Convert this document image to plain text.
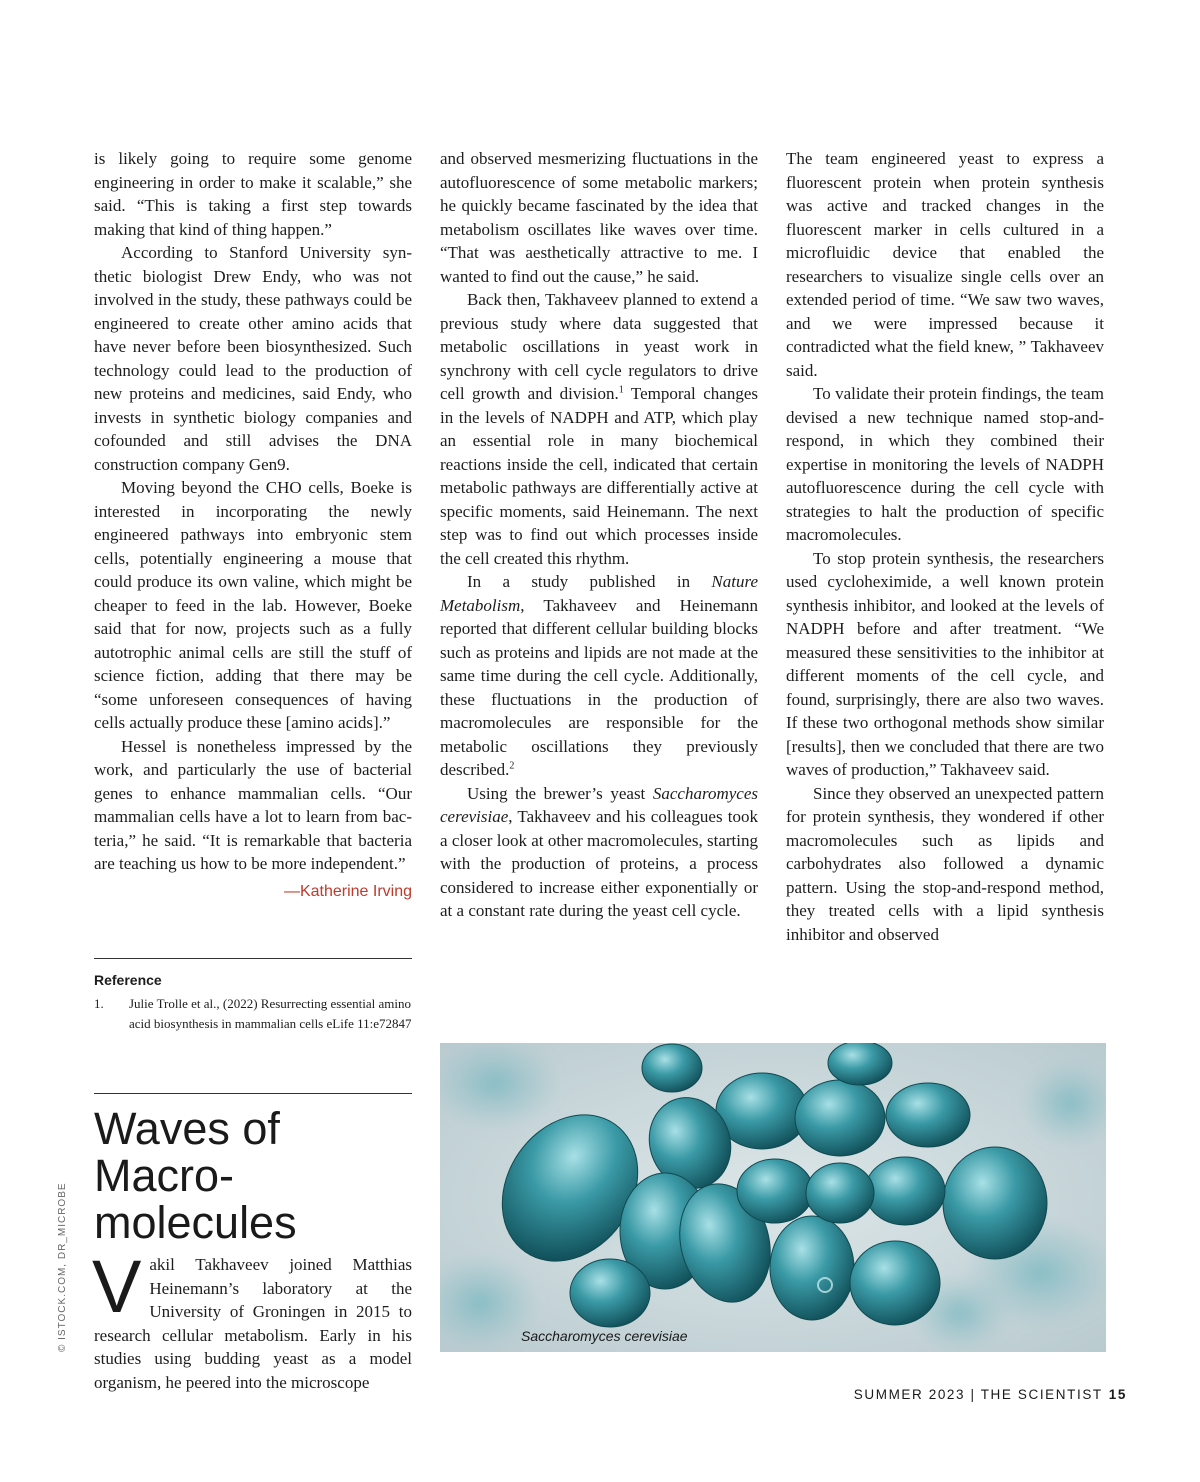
is likely going to require some genome engineering in order to make it scalable,” she said. “This is taking a first step towards making that kind of thing happen.”

According to Stanford University synthetic biologist Drew Endy, who was not involved in the study, these pathways could be engineered to create other amino acids that have never before been biosynthesized. Such technology could lead to the production of new proteins and medicines, said Endy, who invests in synthetic biology companies and cofounded and still advises the DNA construction company Gen9.

Moving beyond the CHO cells, Boeke is interested in incorporating the newly engineered pathways into embryonic stem cells, potentially engineering a mouse that could produce its own valine, which might be cheaper to feed in the lab. However, Boeke said that for now, projects such as a fully autotrophic animal cells are still the stuff of science fiction, adding that there may be “some unforeseen consequences of having cells actually produce these [amino acids].”

Hessel is nonetheless impressed by the work, and particularly the use of bacterial genes to enhance mammalian cells. “Our mammalian cells have a lot to learn from bacteria,” he said. “It is remarkable that bacteria are teaching us how to be more independent.”

—Katherine Irving

Reference
1. Julie Trolle et al., (2022) Resurrecting essential amino acid biosynthesis in mammalian cells eLife 11:e72847
Waves of
Macro-
molecules
Vakil Takhaveev joined Matthias Heinemann’s laboratory at the University of Groningen in 2015 to research cellular metabolism. Early in his studies using budding yeast as a model organism, he peered into the microscope
© ISTOCK.COM, DR_MICROBE

and observed mesmerizing fluctuations in the autofluorescence of some metabolic markers; he quickly became fascinated by the idea that metabolism oscillates like waves over time. “That was aesthetically attractive to me. I wanted to find out the cause,” he said.

Back then, Takhaveev planned to extend a previous study where data suggested that metabolic oscillations in yeast work in synchrony with cell cycle regulators to drive cell growth and division.$^1$ Temporal changes in the levels of NADPH and ATP, which play an essential role in many biochemical reactions inside the cell, indicated that certain metabolic pathways are differentially active at specific moments, said Heinemann. The next step was to find out which processes inside the cell created this rhythm.

In a study published in Nature Metabolism, Takhaveev and Heinemann reported that different cellular building blocks such as proteins and lipids are not made at the same time during the cell cycle. Additionally, these fluctuations in the production of macromolecules are responsible for the metabolic oscillations they previously described.$^2$

Using the brewer’s yeast Saccharomyces cerevisiae, Takhaveev and his colleagues took a closer look at other macromolecules, starting with the production of proteins, a process considered to increase either exponentially or at a constant rate during the yeast cell cycle.

The team engineered yeast to express a fluorescent protein when protein synthesis was active and tracked changes in the fluorescent marker in cells cultured in a microfluidic device that enabled the researchers to visualize single cells over an extended period of time. “We saw two waves, and we were impressed because it contradicted what the field knew, ” Takhaveev said.

To validate their protein findings, the team devised a new technique named stop-and-respond, in which they combined their expertise in monitoring the levels of NADPH autofluorescence during the cell cycle with strategies to halt the production of specific macromolecules.

To stop protein synthesis, the researchers used cycloheximide, a well known protein synthesis inhibitor, and looked at the levels of NADPH before and after treatment. “We measured these sensitivities to the inhibitor at different moments of the cell cycle, and found, surprisingly, there are also two waves. If these two orthogonal methods show similar [results], then we concluded that there are two waves of production,” Takhaveev said.

Since they observed an unexpected pattern for protein synthesis, they wondered if other macromolecules such as lipids and carbohydrates also followed a dynamic pattern. Using the stop-and-respond method, they treated cells with a lipid synthesis inhibitor and observed

Saccharomyces cerevisiae
SUMMER 2023 | THE SCIENTIST 15
